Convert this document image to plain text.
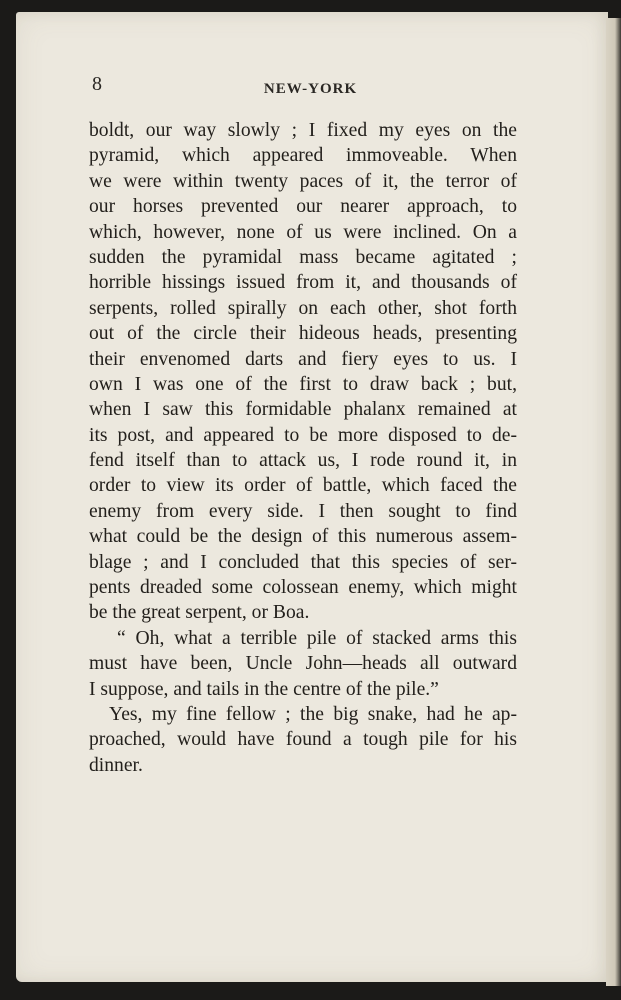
8	NEW-YORK
boldt, our way slowly ; I fixed my eyes on the
pyramid, which appeared immoveable. When
we were within twenty paces of it, the terror of
our horses prevented our nearer approach, to
which, however, none of us were inclined. On a
sudden the pyramidal mass became agitated ;
horrible hissings issued from it, and thousands of
serpents, rolled spirally on each other, shot forth
out of the circle their hideous heads, presenting
their envenomed darts and fiery eyes to us. I
own I was one of the first to draw back ; but,
when I saw this formidable phalanx remained at
its post, and appeared to be more disposed to de-
fend itself than to attack us, I rode round it, in
order to view its order of battle, which faced the
enemy from every side. I then sought to find
what could be the design of this numerous assem-
blage ; and I concluded that this species of ser-
pents dreaded some colossean enemy, which might
be the great serpent, or Boa.
“ Oh, what a terrible pile of stacked arms this
must have been, Uncle John—heads all outward
I suppose, and tails in the centre of the pile.”
Yes, my fine fellow ; the big snake, had he ap-
proached, would have found a tough pile for his
dinner.
